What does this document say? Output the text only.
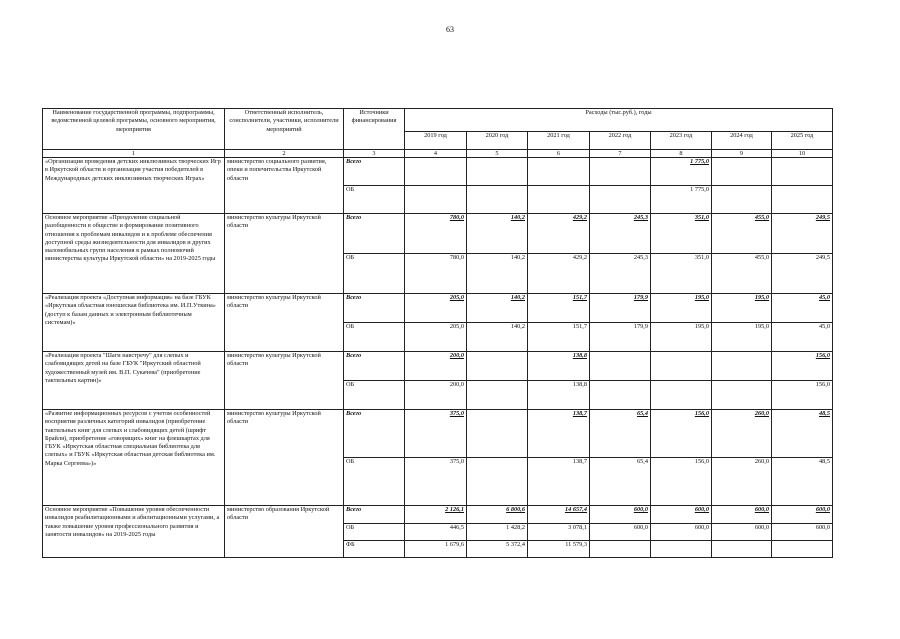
63
Наименование государственной программы, подпрограммы, ведомственной целевой программы, основного мероприятия, мероприятия	Ответственный исполнитель, соисполнители, участники, исполнители мероприятий	Источники финансирования	Расходы (тыс.руб.), годы						
			2019 год	2020 год	2021 год	2022 год	2023 год	2024 год	2025 год
1	2	3	4	5	6	7	8	9	10
«Организация проведения детских инклюзивных творческих Игр в Иркутской области и организация участия победителей в Международных детских инклюзивных творческих Играх»	министерство социального развития, опеки и попечительства Иркутской области	Всего					1 775,0		
		ОБ					1 775,0		
Основное мероприятие «Преодоление социальной разобщенности в обществе и формирование позитивного отношения к проблемам инвалидов и к проблеме обеспечения доступной среды жизнедеятельности для инвалидов и других маломобильных групп населения в рамках полномочий министерства культуры Иркутской области» на 2019-2025 годы	министерство культуры Иркутской области	Всего	780,0	140,2	429,2	245,3	351,0	455,0	249,5
		ОБ	780,0	140,2	429,2	245,3	351,0	455,0	249,5
«Реализация проекта «Доступная информация» на базе ГБУК «Иркутская областная юношеская библиотека им. И.П.Уткина» (доступ к базам данных и электронным библиотечным системам)»	министерство культуры Иркутской области	Всего	205,0	140,2	151,7	179,9	195,0	195,0	45,0
		ОБ	205,0	140,2	151,7	179,9	195,0	195,0	45,0
«Реализация проекта "Шаги навстречу" для слепых и слабовидящих детей на базе ГБУК "Иркутский областной художественный музей им. В.П. Сукачева" (приобретение тактильных картин)»	министерство культуры Иркутской области	Всего	200,0		138,8				156,0
		ОБ	200,0		138,8				156,0
«Развитие информационных ресурсов с учетом особенностей восприятия различных категорий инвалидов (приобретение тактильных книг для слепых и слабовидящих детей (шрифт Брайля), приобретение «говорящих» книг на флешкартах для ГБУК «Иркутская областная специальная библиотека для слепых» и ГБУК «Иркутская областная детская библиотека им. Марка Сергеева»)»	министерство культуры Иркутской области	Всего	375,0		138,7	65,4	156,0	260,0	48,5
		ОБ	375,0		138,7	65,4	156,0	260,0	48,5
Основное мероприятие «Повышение уровня обеспеченности инвалидов реабилитационными и абилитационными услугами, а также повышение уровня профессионального развития и занятости инвалидов» на 2019-2025 годы	министерство образования Иркутской области	Всего	2 126,1	6 800,6	14 657,4	600,0	600,0	600,0	600,0
		ОБ	446,5	1 428,2	3 078,1	600,0	600,0	600,0	600,0
		ФБ	1 679,6	5 372,4	11 579,3				
